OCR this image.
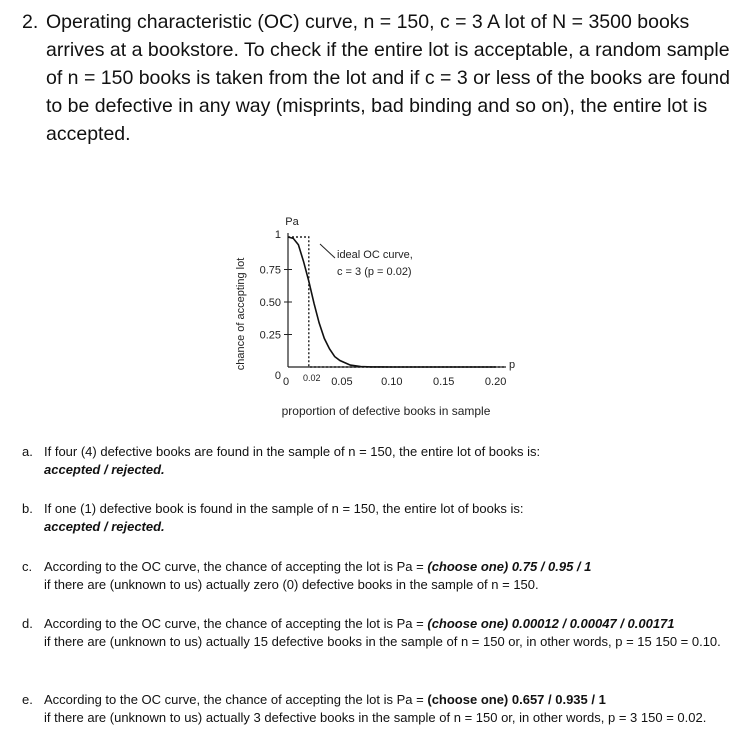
2. Operating characteristic (OC) curve, n = 150, c = 3 A lot of N = 3500 books arrives at a bookstore. To check if the entire lot is acceptable, a random sample of n = 150 books is taken from the lot and if c = 3 or less of the books are found to be defective in any way (misprints, bad binding and so on), the entire lot is accepted.
chance of accepting lot
Pa
1
0.75
0.50
0.25
0 0 0.02 0.05	0.10	0.15	0.20
ideal OC curve,
c = 3 (p = 0.02)
p
proportion of defective books in sample
a. If four (4) defective books are found in the sample of n = 150, the entire lot of books is:
accepted / rejected.
b. If one (1) defective book is found in the sample of n = 150, the entire lot of books is:
accepted / rejected.
c. According to the OC curve, the chance of accepting the lot is Pa = (choose one) 0.75 / 0.95 / 1
if there are (unknown to us) actually zero (0) defective books in the sample of n = 150.
d. According to the OC curve, the chance of accepting the lot is Pa = (choose one) 0.00012 / 0.00047 / 0.00171
if there are (unknown to us) actually 15 defective books in the sample of n = 150 or, in other words, p = 15 150 = 0.10.
e. According to the OC curve, the chance of accepting the lot is Pa = (choose one) 0.657 / 0.935 / 1
if there are (unknown to us) actually 3 defective books in the sample of n = 150 or, in other words, p = 3 150 = 0.02.
